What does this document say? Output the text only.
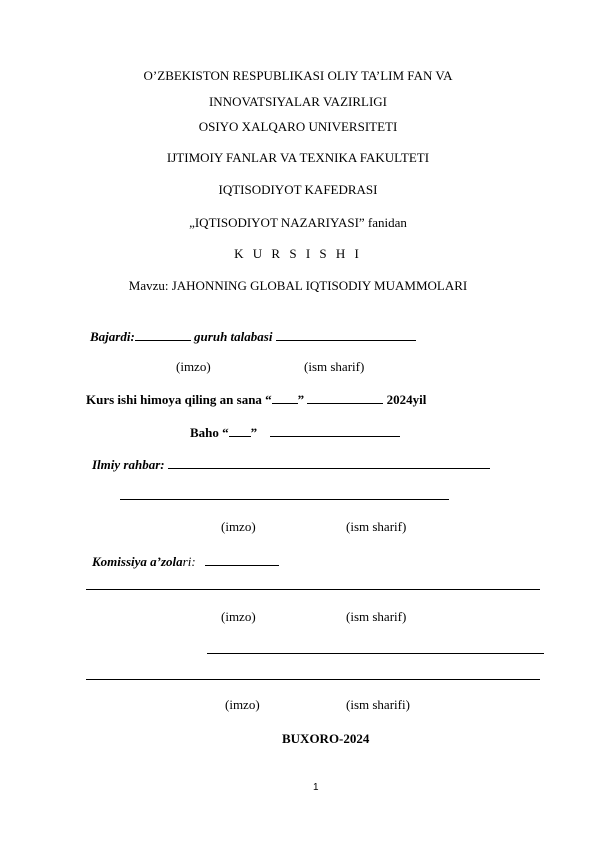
O’ZBEKISTON RESPUBLIKASI OLIY TA’LIM FAN VA
INNOVATSIYALAR VAZIRLIGI
OSIYO XALQARO UNIVERSITETI
IJTIMOIY FANLAR VA TEXNIKA FAKULTETI
IQTISODIYOT KAFEDRASI
„IQTISODIYOT NAZARIYASI” fanidan
K U R S I S H I
Mavzu: JAHONNING GLOBAL IQTISODIY MUAMMOLARI
Bajardi:	guruh talabasi
(imzo)	(ism sharif)
Kurs ishi himoya qiling an sana “ ”	2024yil
Baho “ ”
Ilmiy rahbar:
(imzo)	(ism sharif)
Komissiya a’zolari:
(imzo)	(ism sharif)
(imzo)	(ism sharifi)
BUXORO-2024
1
